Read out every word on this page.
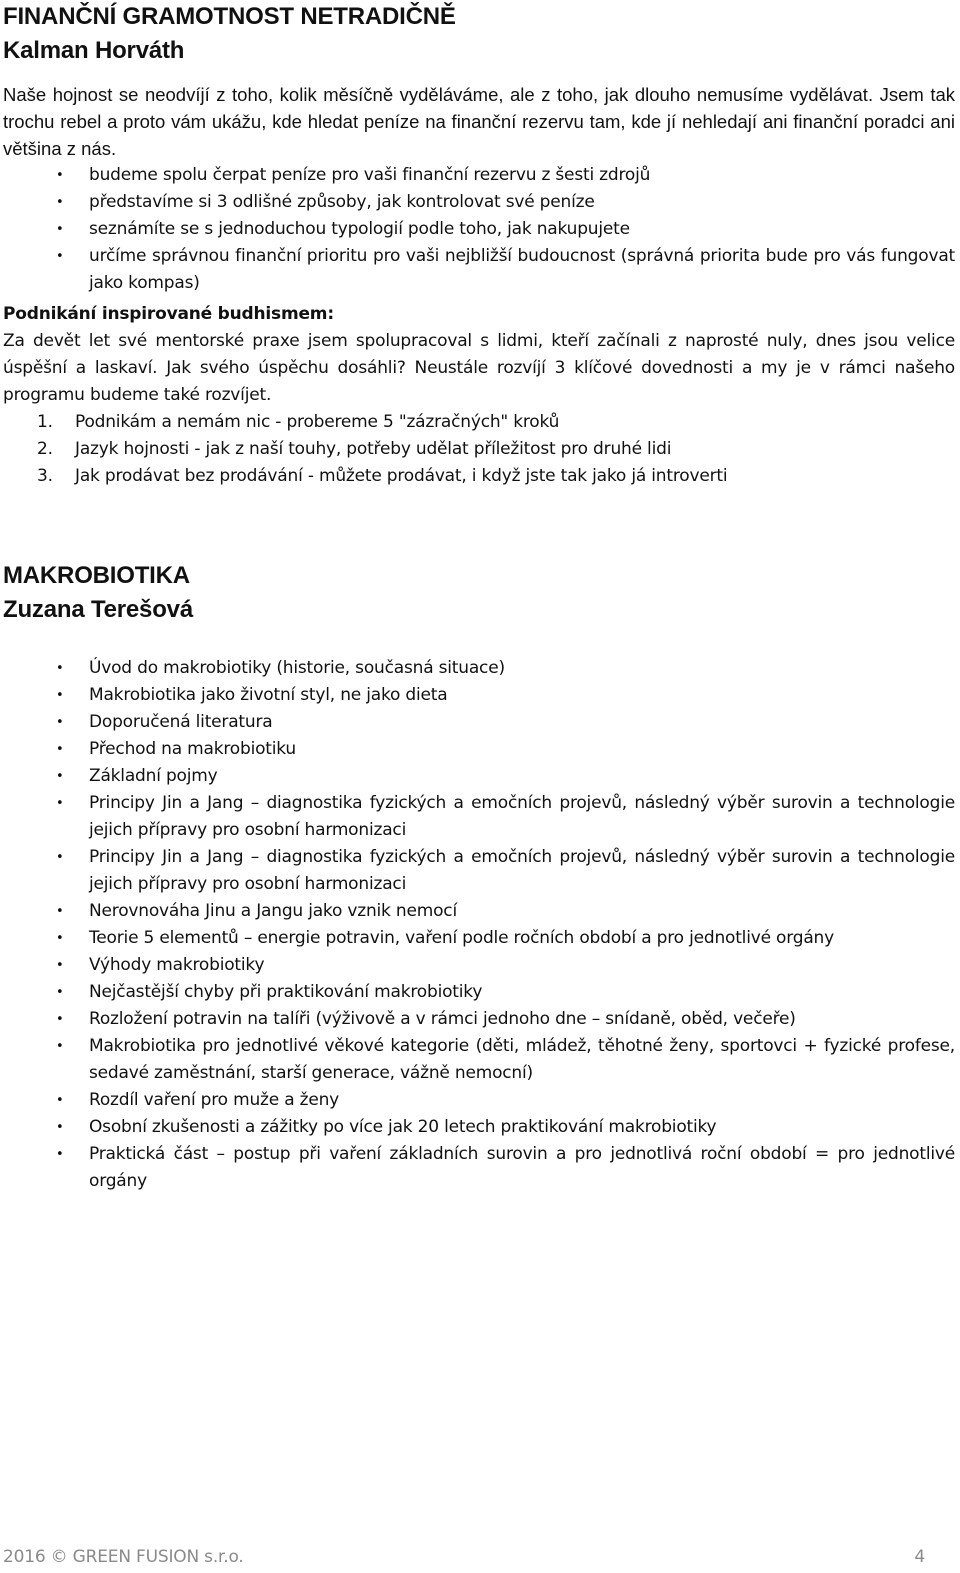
FINANČNÍ GRAMOTNOST NETRADIČNĚ
Kalman Horváth

Naše hojnost se neodvíjí z toho, kolik měsíčně vyděláváme, ale z toho, jak dlouho nemusíme vydělávat. Jsem tak trochu rebel a proto vám ukážu, kde hledat peníze na finanční rezervu tam, kde jí nehledají ani finanční poradci ani většina z nás.

• budeme spolu čerpat peníze pro vaši finanční rezervu z šesti zdrojů
• představíme si 3 odlišné způsoby, jak kontrolovat své peníze
• seznámíte se s jednoduchou typologií podle toho, jak nakupujete
• určíme správnou finanční prioritu pro vaši nejbližší budoucnost (správná priorita bude pro vás fungovat jako kompas)

Podnikání inspirované budhismem:

Za devět let své mentorské praxe jsem spolupracoval s lidmi, kteří začínali z naprosté nuly, dnes jsou velice úspěšní a laskaví. Jak svého úspěchu dosáhli? Neustále rozvíjí 3 klíčové dovednosti a my je v rámci našeho programu budeme také rozvíjet.

1. Podnikám a nemám nic - probereme 5 "zázračných" kroků
2. Jazyk hojnosti - jak z naší touhy, potřeby udělat příležitost pro druhé lidi
3. Jak prodávat bez prodávání - můžete prodávat, i když jste tak jako já introverti
MAKROBIOTIKA
Zuzana Terešová
• Úvod do makrobiotiky (historie, současná situace)
• Makrobiotika jako životní styl, ne jako dieta
• Doporučená literatura
• Přechod na makrobiotiku
• Základní pojmy
• Principy Jin a Jang – diagnostika fyzických a emočních projevů, následný výběr surovin a technologie jejich přípravy pro osobní harmonizaci
• Principy Jin a Jang – diagnostika fyzických a emočních projevů, následný výběr surovin a technologie jejich přípravy pro osobní harmonizaci
• Nerovnováha Jinu a Jangu jako vznik nemocí
• Teorie 5 elementů – energie potravin, vaření podle ročních období a pro jednotlivé orgány
• Výhody makrobiotiky
• Nejčastější chyby při praktikování makrobiotiky
• Rozložení potravin na talíři (výživově a v rámci jednoho dne – snídaně, oběd, večeře)
• Makrobiotika pro jednotlivé věkové kategorie (děti, mládež, těhotné ženy, sportovci + fyzické profese, sedavé zaměstnání, starší generace, vážně nemocní)
• Rozdíl vaření pro muže a ženy
• Osobní zkušenosti a zážitky po více jak 20 letech praktikování makrobiotiky
• Praktická část – postup při vaření základních surovin a pro jednotlivá roční období = pro jednotlivé orgány
2016 © GREEN FUSION s.r.o.	4
